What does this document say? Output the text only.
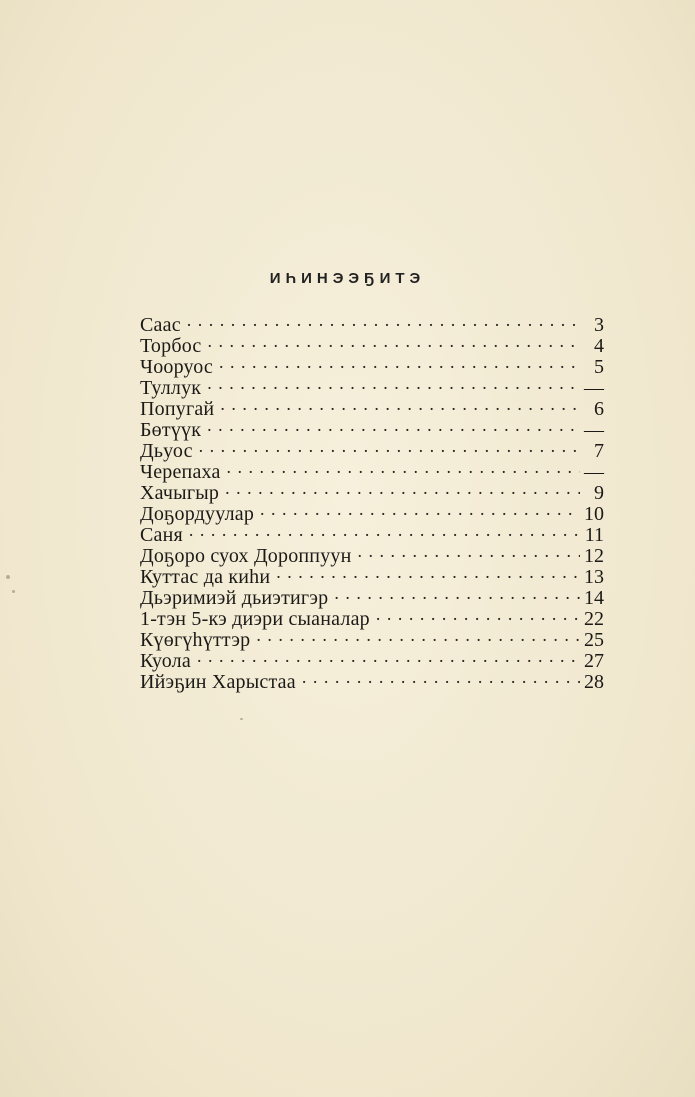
ИҺИНЭЭҔИТЭ
Саас . . .	3
Торбос . . .	4
Чооруос . . .	5
Туллук . . .	—
Попугай . . .	6
Бөтүүк . . .	—
Дьуос . . .	7
Черепаха . . .	—
Хачыгыр . . .	9
Доҕордуулар . . .	10
Саня . . .	11
Доҕоро суох Дороппуун . . .	12
Куттас да киһи . . .	13
Дьэримиэй дьиэтигэр . . .	14
1-тэн 5-кэ диэри сыаналар . . .	22
Күөгүһүттэр . . .	25
Куола . . .	27
Ийэҕин Харыстаа . . .	28
